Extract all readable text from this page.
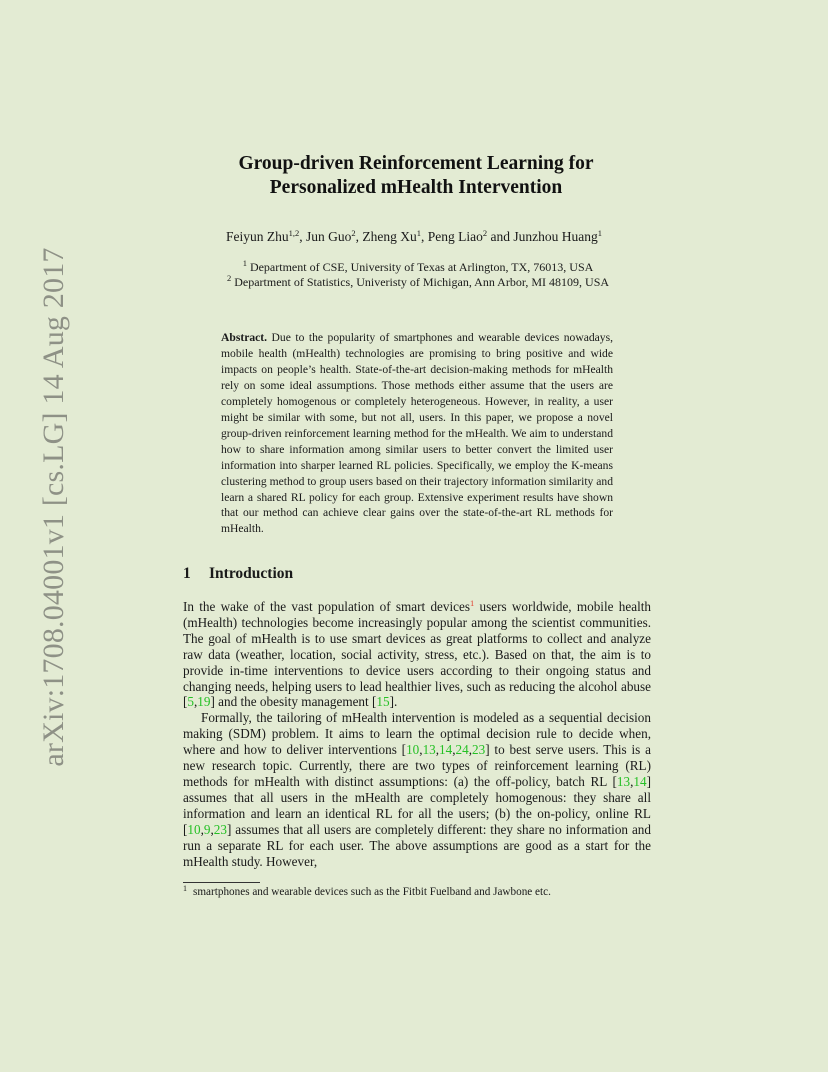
arXiv:1708.04001v1 [cs.LG] 14 Aug 2017
Group-driven Reinforcement Learning for
Personalized mHealth Intervention
Feiyun Zhu$^{1,2}$, Jun Guo$^2$, Zheng Xu$^1$, Peng Liao$^2$ and Junzhou Huang$^1$
$^1$ Department of CSE, University of Texas at Arlington, TX, 76013, USA
$^2$ Department of Statistics, Univeristy of Michigan, Ann Arbor, MI 48109, USA
Abstract. Due to the popularity of smartphones and wearable devices nowadays, mobile health (mHealth) technologies are promising to bring positive and wide impacts on people’s health. State-of-the-art decision-making methods for mHealth rely on some ideal assumptions. Those methods either assume that the users are completely homogenous or completely heterogeneous. However, in reality, a user might be similar with some, but not all, users. In this paper, we propose a novel group-driven reinforcement learning method for the mHealth. We aim to understand how to share information among similar users to better convert the limited user information into sharper learned RL policies. Specifically, we employ the K-means clustering method to group users based on their trajectory information similarity and learn a shared RL policy for each group. Extensive experiment results have shown that our method can achieve clear gains over the state-of-the-art RL methods for mHealth.
1 Introduction

In the wake of the vast population of smart devices$^1$ users worldwide, mobile health (mHealth) technologies become increasingly popular among the scientist communities. The goal of mHealth is to use smart devices as great platforms to collect and analyze raw data (weather, location, social activity, stress, etc.). Based on that, the aim is to provide in-time interventions to device users according to their ongoing status and changing needs, helping users to lead healthier lives, such as reducing the alcohol abuse [5,19] and the obesity management [15].

Formally, the tailoring of mHealth intervention is modeled as a sequential decision making (SDM) problem. It aims to learn the optimal decision rule to decide when, where and how to deliver interventions [10,13,14,24,23] to best serve users. This is a new research topic. Currently, there are two types of reinforcement learning (RL) methods for mHealth with distinct assumptions: (a) the off-policy, batch RL [13,14] assumes that all users in the mHealth are completely homogenous: they share all information and learn an identical RL for all the users; (b) the on-policy, online RL [10,9,23] assumes that all users are completely different: they share no information and run a separate RL for each user. The above assumptions are good as a start for the mHealth study. However,

$^1$ smartphones and wearable devices such as the Fitbit Fuelband and Jawbone etc.
